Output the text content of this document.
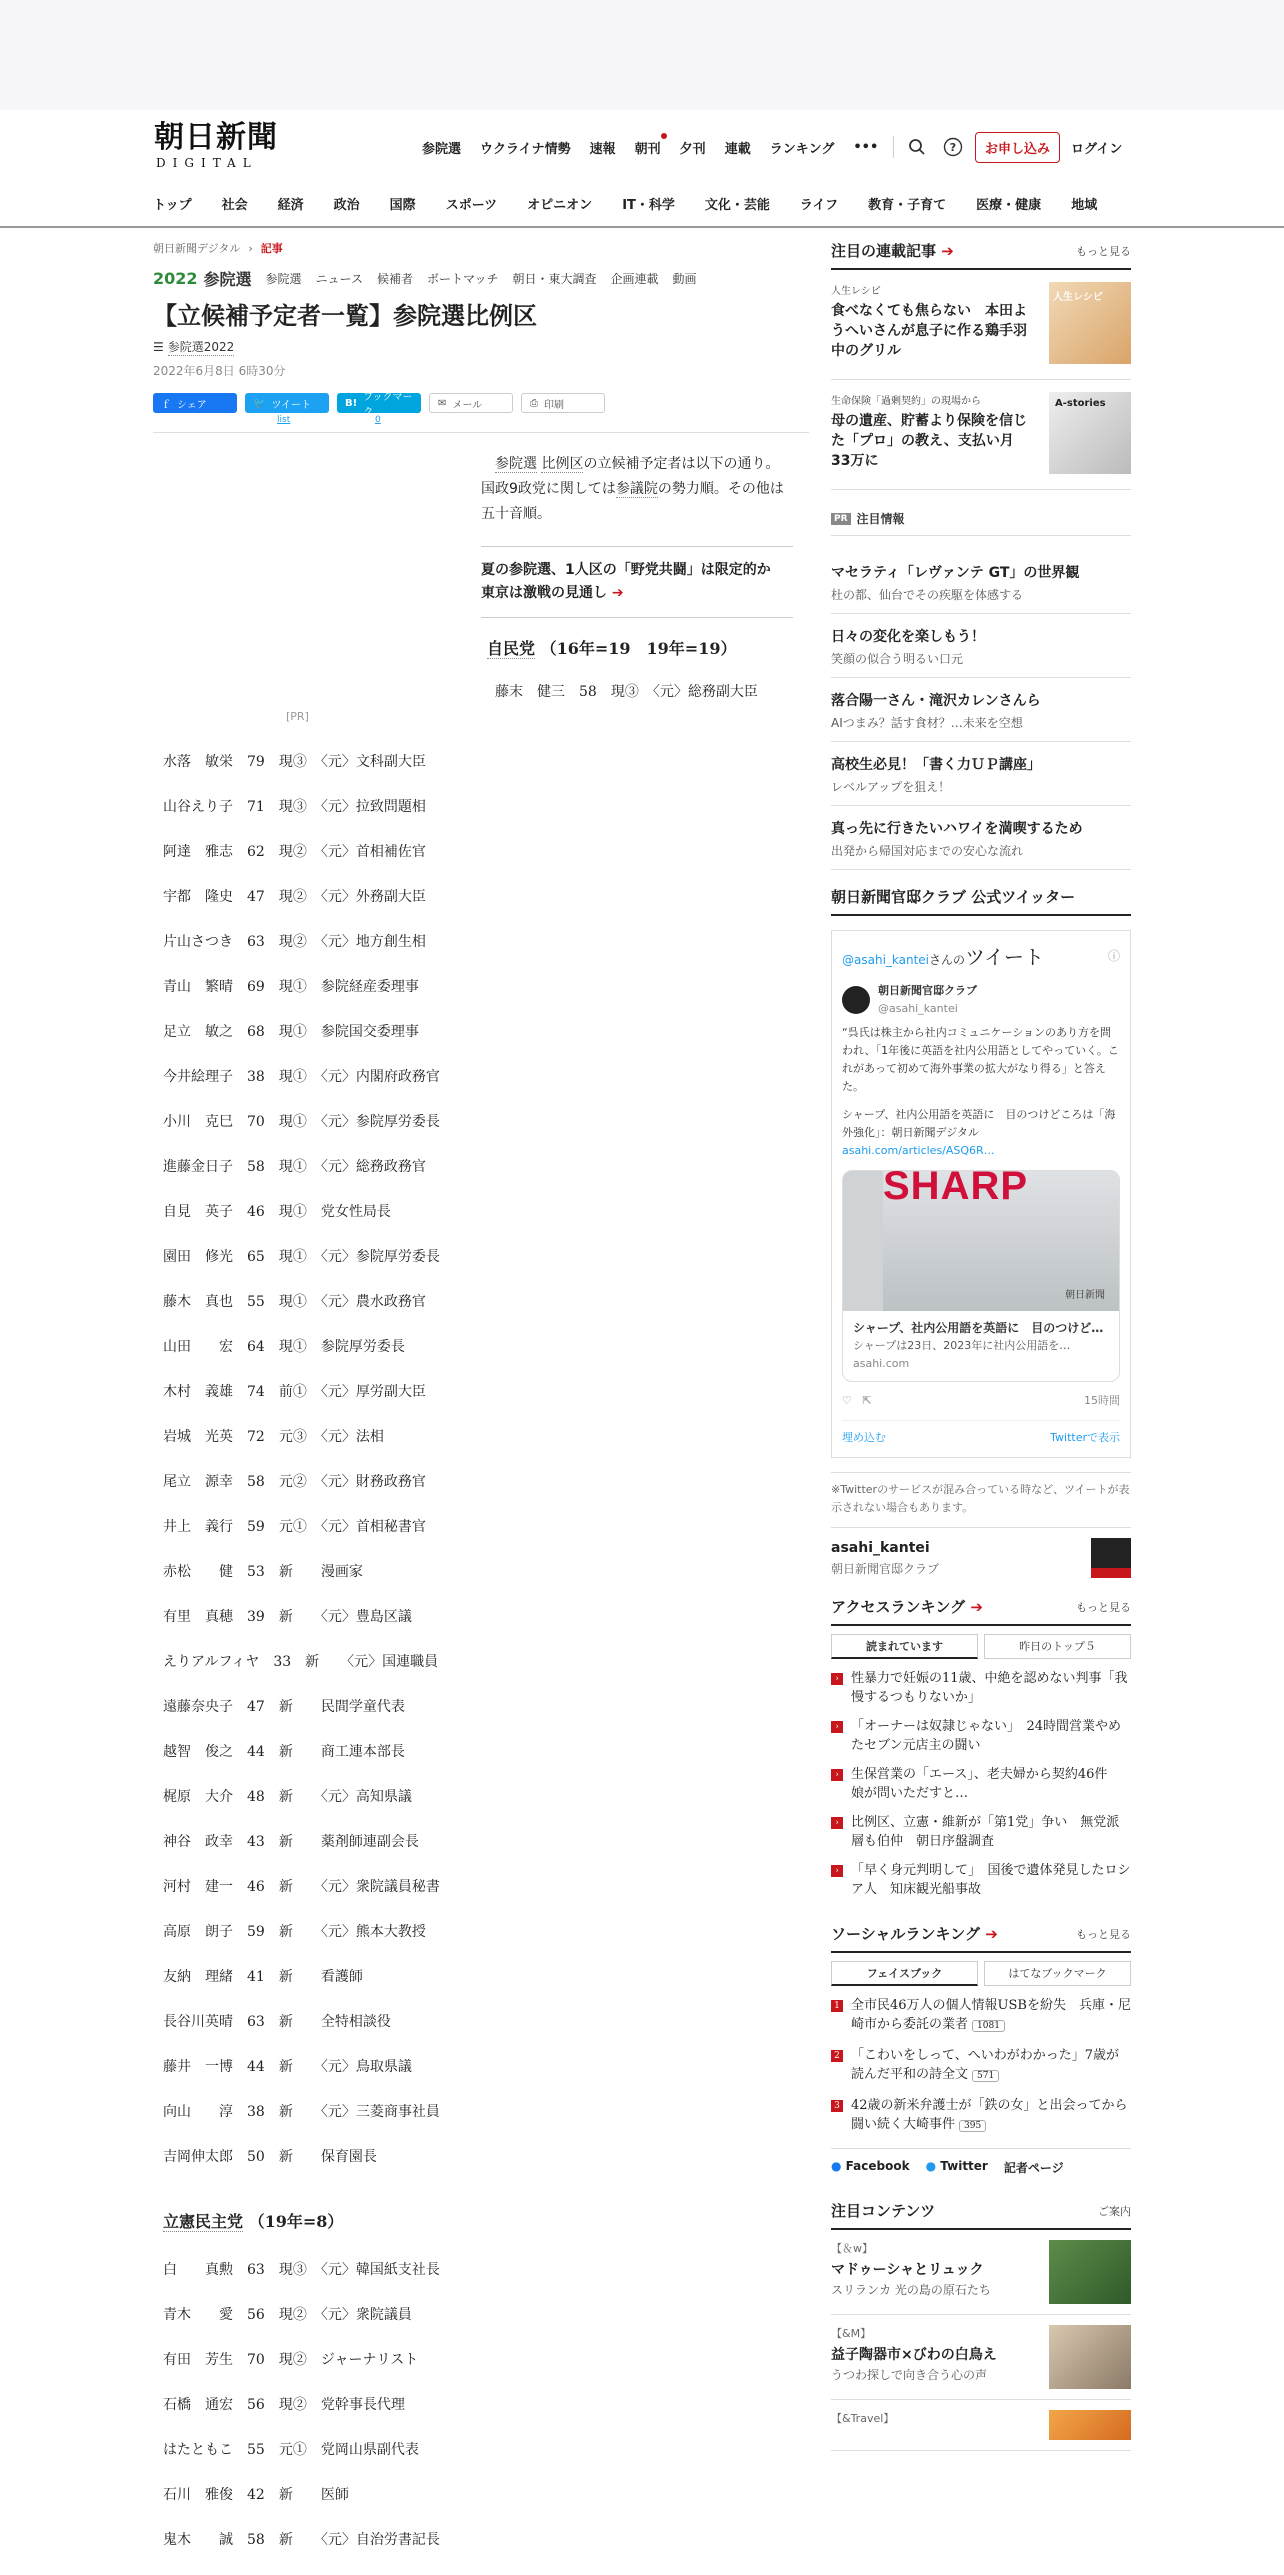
朝日新聞
DIGITAL
参院選 ウクライナ情勢 速報 朝刊 夕刊 連載 ランキング •••	?	お申し込み	ログイン
トップ 社会 経済 政治 国際 スポーツ オピニオン IT・科学 文化・芸能 ライフ 教育・子育て 医療・健康 地域
朝日新聞デジタル › 記事
2022 参院選 参院選 ニュース 候補者 ボートマッチ 朝日・東大調査 企画連載 動画
【立候補予定者一覧】参院選比例区
☰ 参院選2022
2022年6月8日 6時30分
ｆ シェア	🐦 ツイート	B! ブックマーク
✉ メール	⎙ 印刷
list	0
[PR]

参院選 比例区の立候補予定者は以下の通り。国政9政党に関しては参議院の勢力順。その他は五十音順。

夏の参院選、1人区の「野党共闘」は限定的か　東京は激戦の見通し ➔
自民党 （16年=19　19年=19）
藤末　健三　58　現③　〈元〉総務副大臣
水落　敏栄　79　現③　〈元〉文科副大臣
山谷えり子　71　現③　〈元〉拉致問題相
阿達　雅志　62　現②　〈元〉首相補佐官
宇都　隆史　47　現②　〈元〉外務副大臣
片山さつき　63　現②　〈元〉地方創生相
青山　繁晴　69　現①　参院経産委理事
足立　敏之　68　現①　参院国交委理事
今井絵理子　38　現①　〈元〉内閣府政務官
小川　克巳　70　現①　〈元〉参院厚労委長
進藤金日子　58　現①　〈元〉総務政務官
自見　英子　46　現①　党女性局長
園田　修光　65　現①　〈元〉参院厚労委長
藤木　真也　55　現①　〈元〉農水政務官
山田　　宏　64　現①　参院厚労委長
木村　義雄　74　前①　〈元〉厚労副大臣
岩城　光英　72　元③　〈元〉法相
尾立　源幸　58　元②　〈元〉財務政務官
井上　義行　59　元①　〈元〉首相秘書官
赤松　　健　53　新　　漫画家
有里　真穂　39　新　　〈元〉豊島区議
えりアルフィヤ　33　新　　〈元〉国連職員
遠藤奈央子　47　新　　民間学童代表
越智　俊之　44　新　　商工連本部長
梶原　大介　48　新　　〈元〉高知県議
神谷　政幸　43　新　　薬剤師連副会長
河村　建一　46　新　　〈元〉衆院議員秘書
高原　朗子　59　新　　〈元〉熊本大教授
友納　理緒　41　新　　看護師
長谷川英晴　63　新　　全特相談役
藤井　一博　44　新　　〈元〉鳥取県議
向山　　淳　38　新　　〈元〉三菱商事社員
吉岡伸太郎　50　新　　保育園長
立憲民主党 （19年=8）
白　　真勲　63　現③　〈元〉韓国紙支社長
青木　　愛　56　現②　〈元〉衆院議員
有田　芳生　70　現②　ジャーナリスト
石橋　通宏　56　現②　党幹事長代理
はたともこ　55　元①　党岡山県副代表
石川　雅俊　42　新　　医師
鬼木　　誠　58　新　　〈元〉自治労書記長
注目の連載記事 ➔	もっと見る
人生レシピ
食べなくても焦らない　本田ようへいさんが息子に作る鶏手羽中のグリル
人生レシピ
生命保険「過剰契約」の現場から
母の遺産、貯蓄より保険を信じた「プロ」の教え、支払い月33万に
A-stories
PR 注目情報
マセラティ「レヴァンテ GT」の世界観
杜の都、仙台でその疾駆を体感する
日々の変化を楽しもう！
笑顔の似合う明るい口元
落合陽一さん・滝沢カレンさんら
AIつまみ？話す食材？…未来を空想
高校生必見！「書く力ＵＰ講座」
レベルアップを狙え！
真っ先に行きたいハワイを満喫するため
出発から帰国対応までの安心な流れ
朝日新聞官邸クラブ 公式ツイッター
@asahi_kanteiさんのツイート	ⓘ
朝日新聞官邸クラブ
@asahi_kantei

“呉氏は株主から社内コミュニケーションのあり方を問われ、「1年後に英語を社内公用語としてやっていく。これがあって初めて海外事業の拡大がなり得る」と答えた。

シャープ、社内公用語を英語に　目のつけどころは「海外強化」：朝日新聞デジタル

asahi.com/articles/ASQ6R…
SHARP
朝日新聞
シャープ、社内公用語を英語に　目のつけど…
シャープは23日、2023年に社内公用語を…
asahi.com
♡ ⇱	15時間
埋め込む	Twitterで表示
※Twitterのサービスが混み合っている時など、ツイートが表示されない場合もあります。
asahi_kantei
朝日新聞官邸クラブ
アクセスランキング ➔	もっと見る
読まれています	昨日のトップ５
› 性暴力で妊娠の11歳、中絶を認めない判事「我慢するつもりないか」
› 「オーナーは奴隷じゃない」　24時間営業やめたセブン元店主の闘い
› 生保営業の「エース」、老夫婦から契約46件　娘が問いただすと…
› 比例区、立憲・維新が「第1党」争い　無党派層も伯仲　朝日序盤調査
› 「早く身元判明して」　国後で遺体発見したロシア人　知床観光船事故
ソーシャルランキング ➔	もっと見る
フェイスブック	はてなブックマーク
1 全市民46万人の個人情報USBを紛失　兵庫・尼崎市から委託の業者 1081
2 「こわいをしって、へいわがわかった」7歳が読んだ平和の詩全文 571
3 42歳の新米弁護士が「鉄の女」と出会ってから　闘い続く大崎事件 395
● Facebook ● Twitter 記者ページ
注目コンテンツ	ご案内
【＆w】
マドゥーシャとリュック
スリランカ 光の島の原石たち
【&M】
益子陶器市×びわの白鳥え
うつわ探しで向き合う心の声
【&Travel】
